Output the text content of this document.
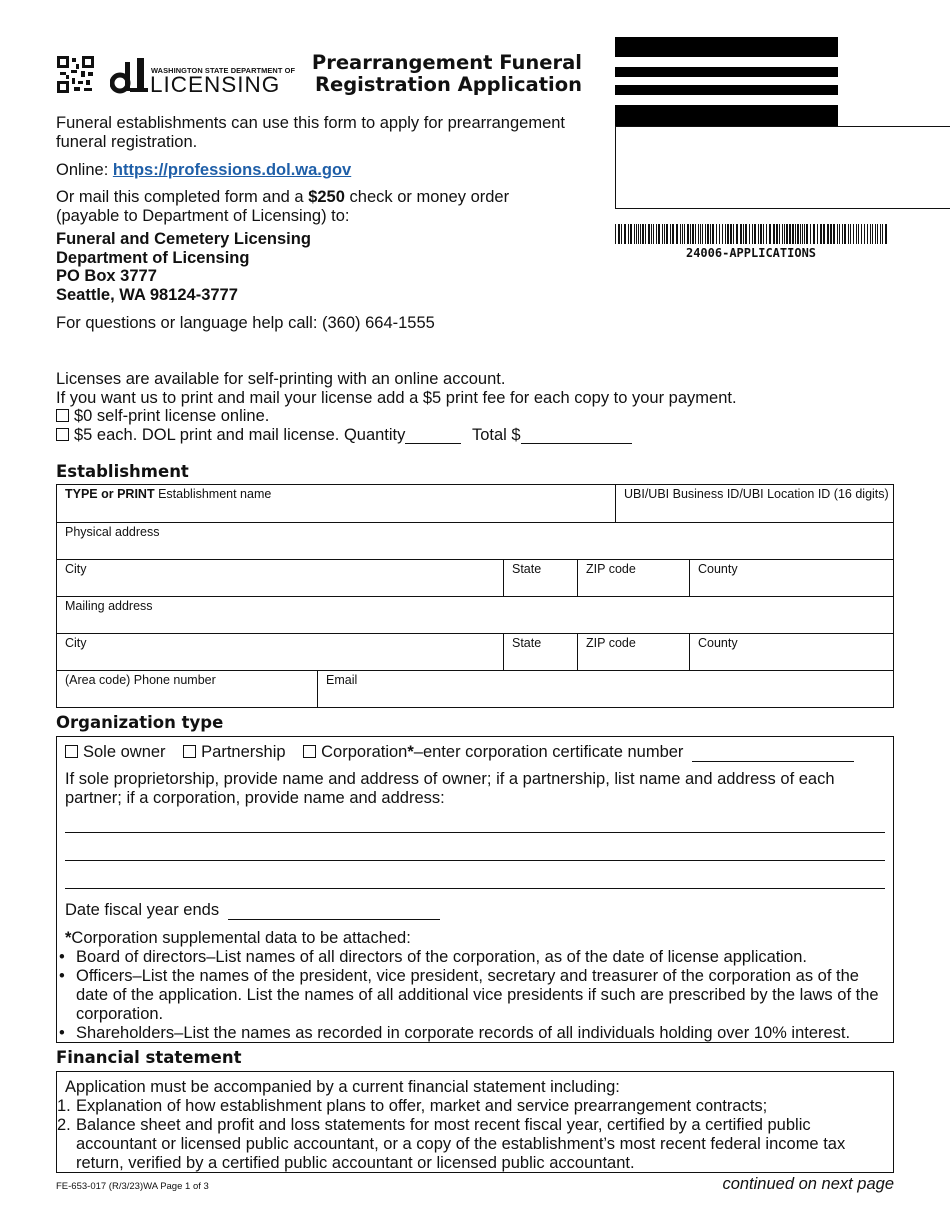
WASHINGTON STATE DEPARTMENT OF
LICENSING
Prearrangement Funeral
Registration Application
24006-APPLICATIONS
Funeral establishments can use this form to apply for prearrangement funeral registration.
Online: https://professions.dol.wa.gov
Or mail this completed form and a $250 check or money order (payable to Department of Licensing) to:
Funeral and Cemetery Licensing
Department of Licensing
PO Box 3777
Seattle, WA 98124-3777
For questions or language help call: (360) 664-1555
Licenses are available for self-printing with an online account.
If you want us to print and mail your license add a $5 print fee for each copy to your payment.
$0 self-print license online.
$5 each. DOL print and mail license. Quantity	Total $
Establishment
TYPE or PRINT Establishment name	UBI/UBI Business ID/UBI Location ID (16 digits)
Physical address
City	State	ZIP code	County
Mailing address
City	State	ZIP code	County
(Area code) Phone number	Email
Organization type
Sole owner Partnership Corporation*–enter corporation certificate number
If sole proprietorship, provide name and address of owner; if a partnership, list name and address of each partner; if a corporation, provide name and address:
Date fiscal year ends
*Corporation supplemental data to be attached:
• Board of directors–List names of all directors of the corporation, as of the date of license application.
• Officers–List the names of the president, vice president, secretary and treasurer of the corporation as of the date of the application. List the names of all additional vice presidents if such are prescribed by the laws of the corporation.
• Shareholders–List the names as recorded in corporate records of all individuals holding over 10% interest.
Financial statement
Application must be accompanied by a current financial statement including:
1. Explanation of how establishment plans to offer, market and service prearrangement contracts;
2. Balance sheet and profit and loss statements for most recent fiscal year, certified by a certified public accountant or licensed public accountant, or a copy of the establishment’s most recent federal income tax return, verified by a certified public accountant or licensed public accountant.
FE-653-017 (R/3/23)WA Page 1 of 3	continued on next page
